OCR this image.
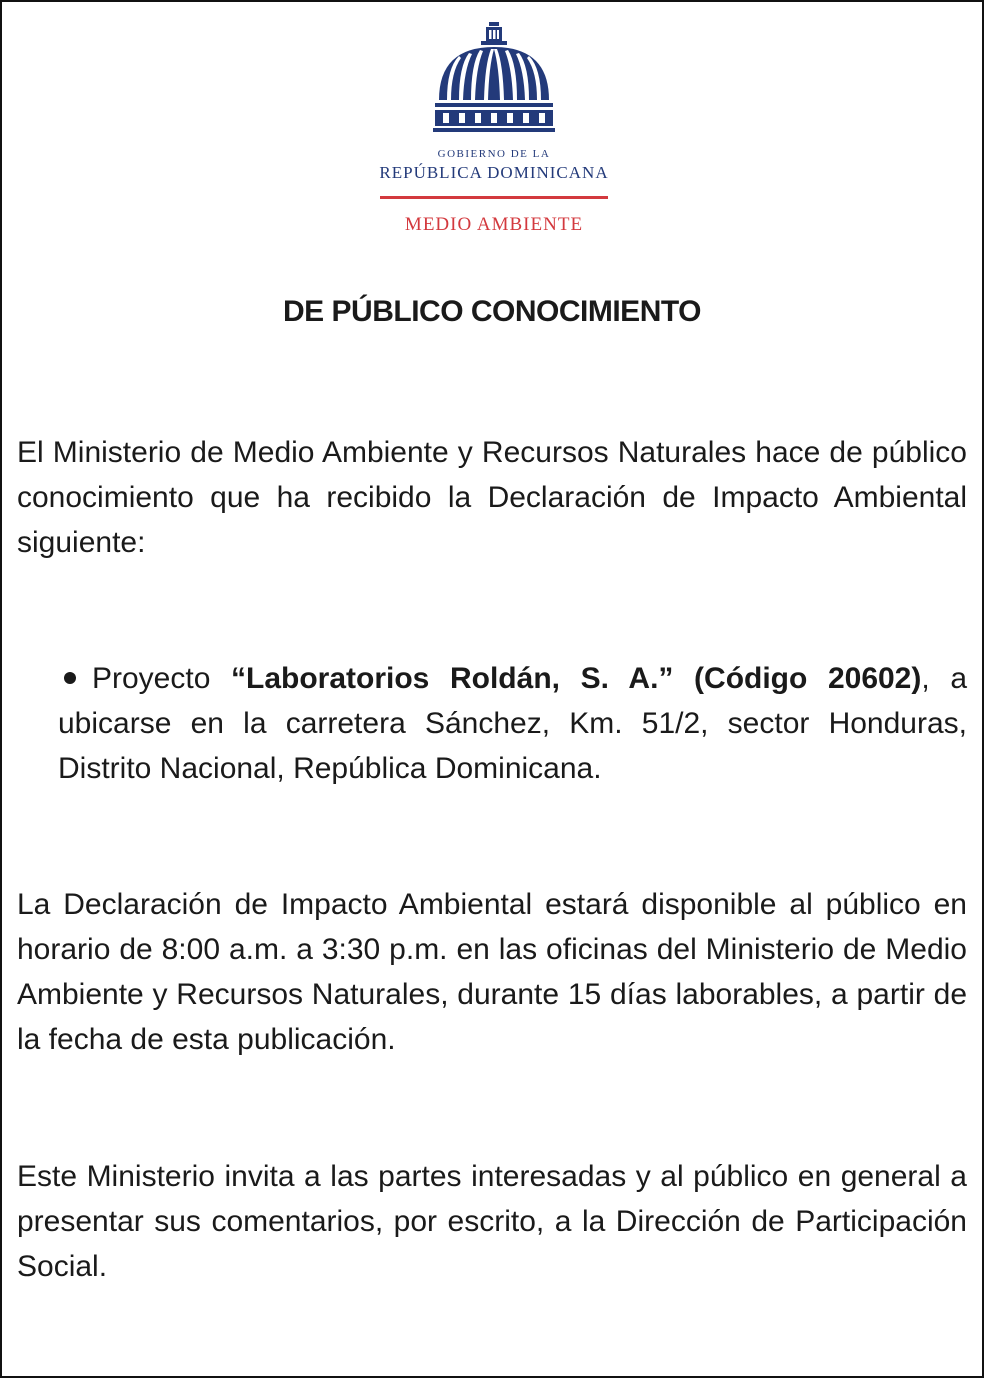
GOBIERNO DE LA
REPÚBLICA DOMINICANA
MEDIO AMBIENTE
DE PÚBLICO CONOCIMIENTO
El Ministerio de Medio Ambiente y Recursos Naturales hace de público conocimiento que ha recibido la Declaración de Impacto Ambiental siguiente:
Proyecto “Laboratorios Roldán, S. A.” (Código 20602), a ubicarse en la carretera Sánchez, Km. 51/2, sector Honduras, Distrito Nacional, República Dominicana.
La Declaración de Impacto Ambiental estará disponible al público en horario de 8:00 a.m. a 3:30 p.m. en las oficinas del Ministerio de Medio Ambiente y Recursos Naturales, durante 15 días laborables, a partir de la fecha de esta publicación.
Este Ministerio invita a las partes interesadas y al público en general a presentar sus comentarios, por escrito, a la Dirección de Participación Social.
